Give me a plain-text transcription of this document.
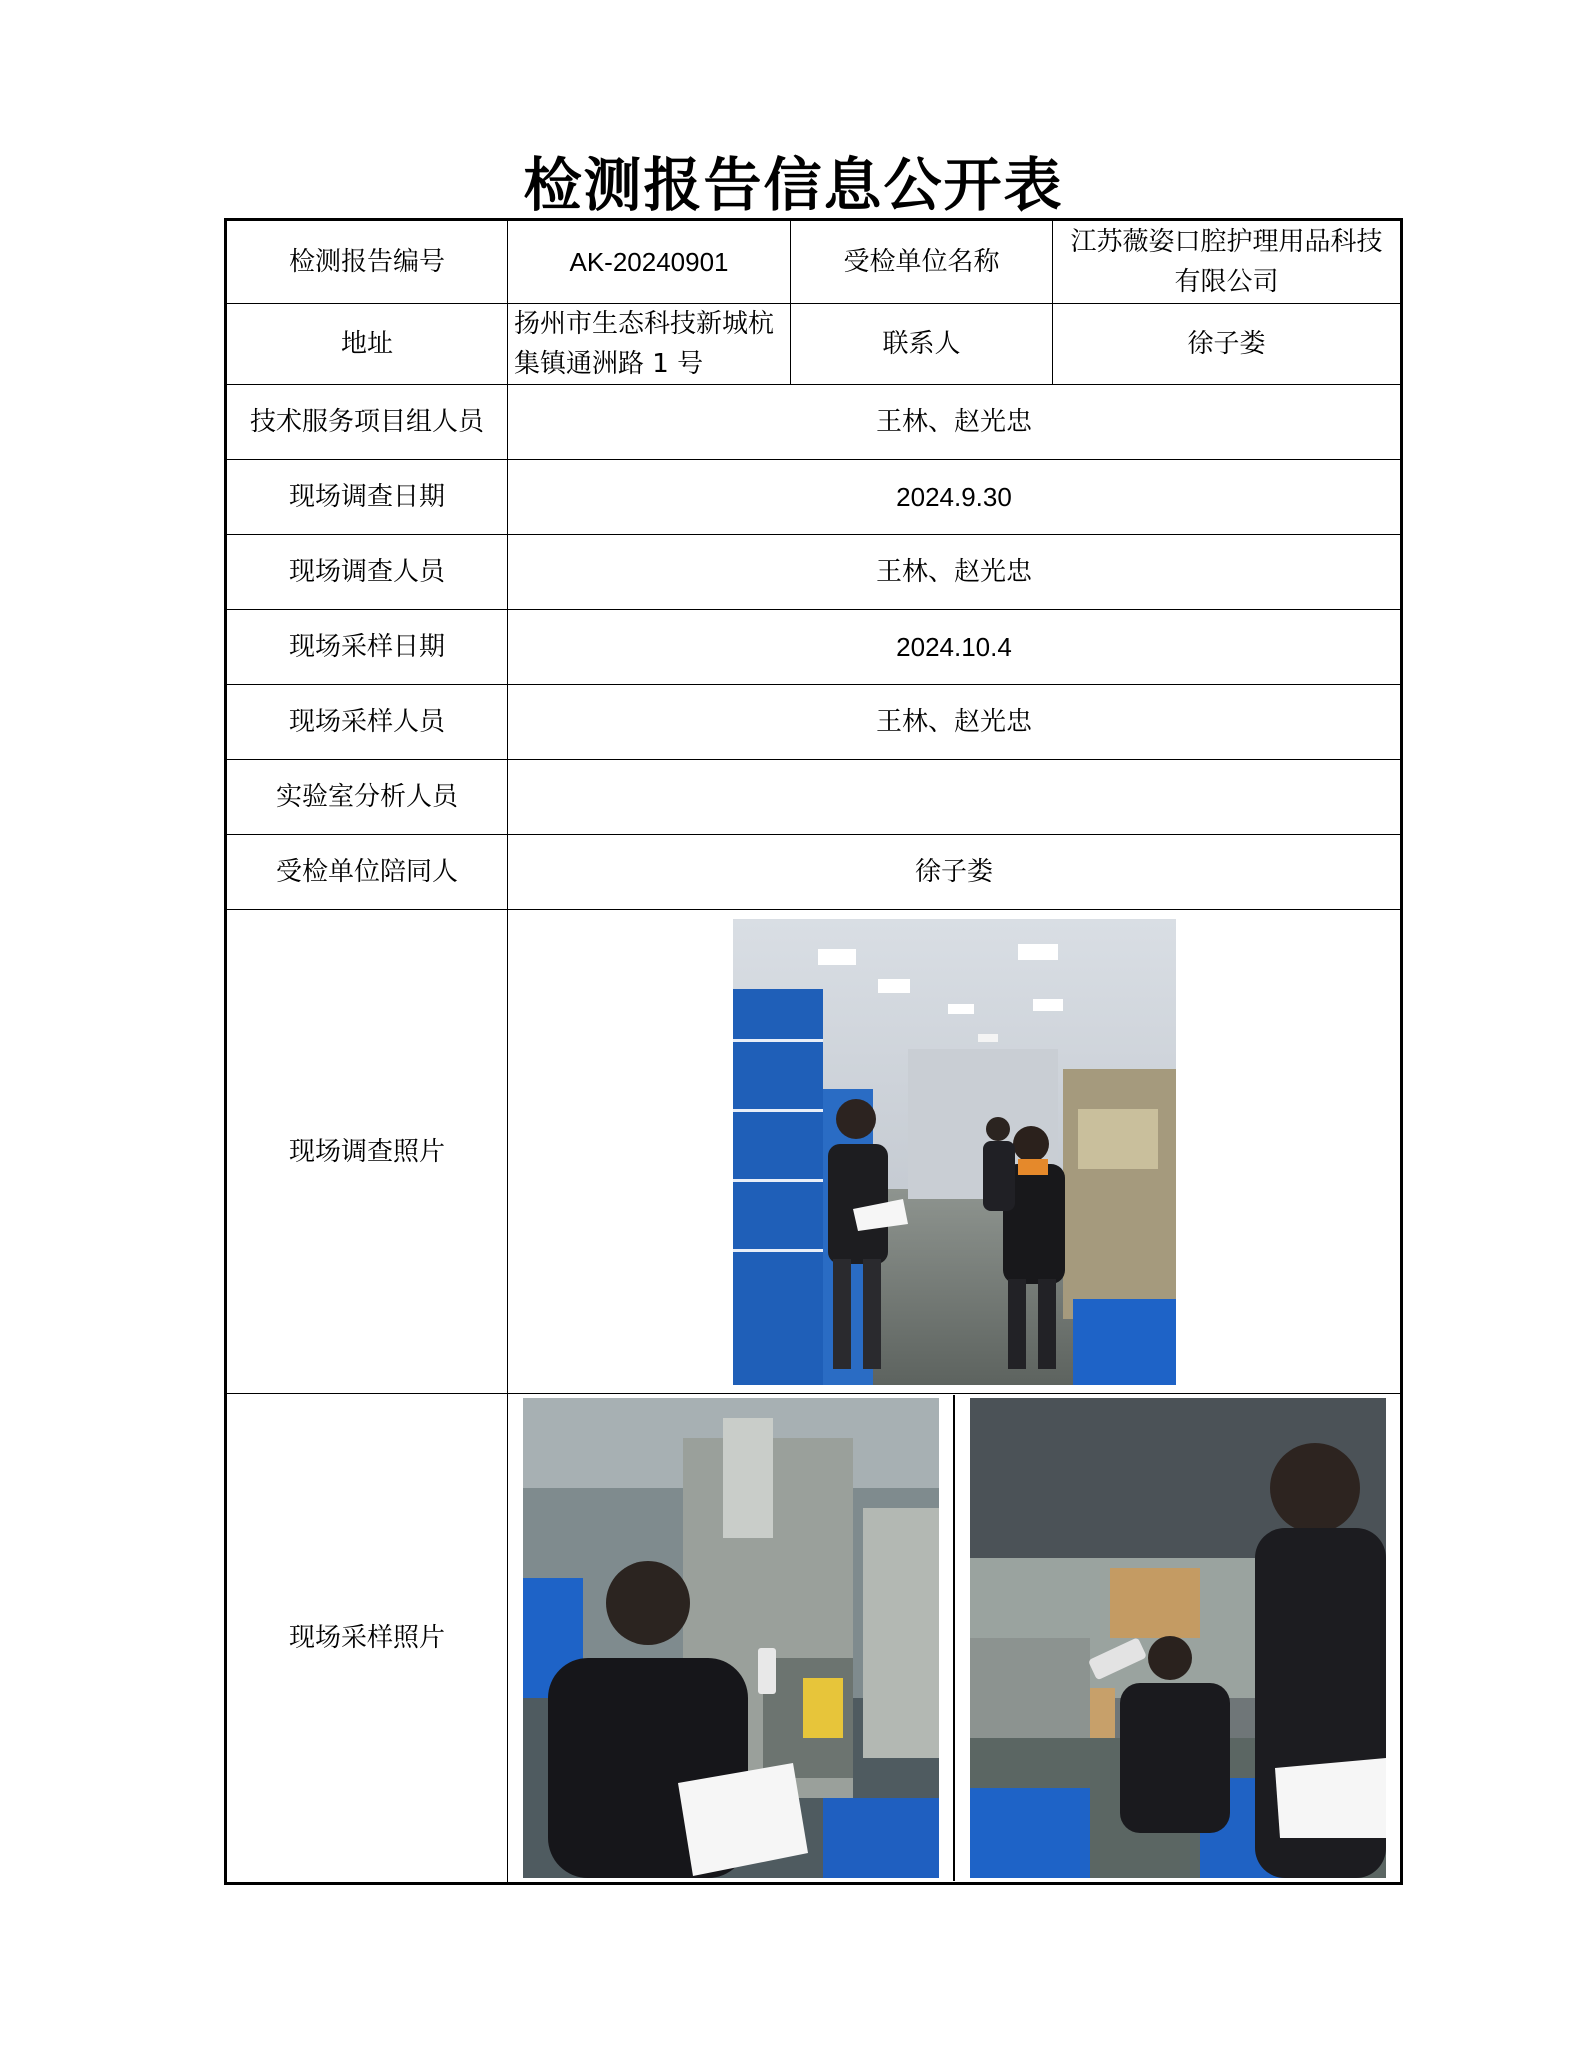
检测报告信息公开表
检测报告编号	AK-20240901	受检单位名称	江苏薇姿口腔护理用品科技有限公司
地址	扬州市生态科技新城杭集镇通洲路 1 号	联系人	徐子娄
技术服务项目组人员	王林、赵光忠		
现场调查日期	2024.9.30		
现场调查人员	王林、赵光忠		
现场采样日期	2024.10.4		
现场采样人员	王林、赵光忠		
实验室分析人员			
受检单位陪同人	徐子娄		
现场调查照片	

现场采样照片	
